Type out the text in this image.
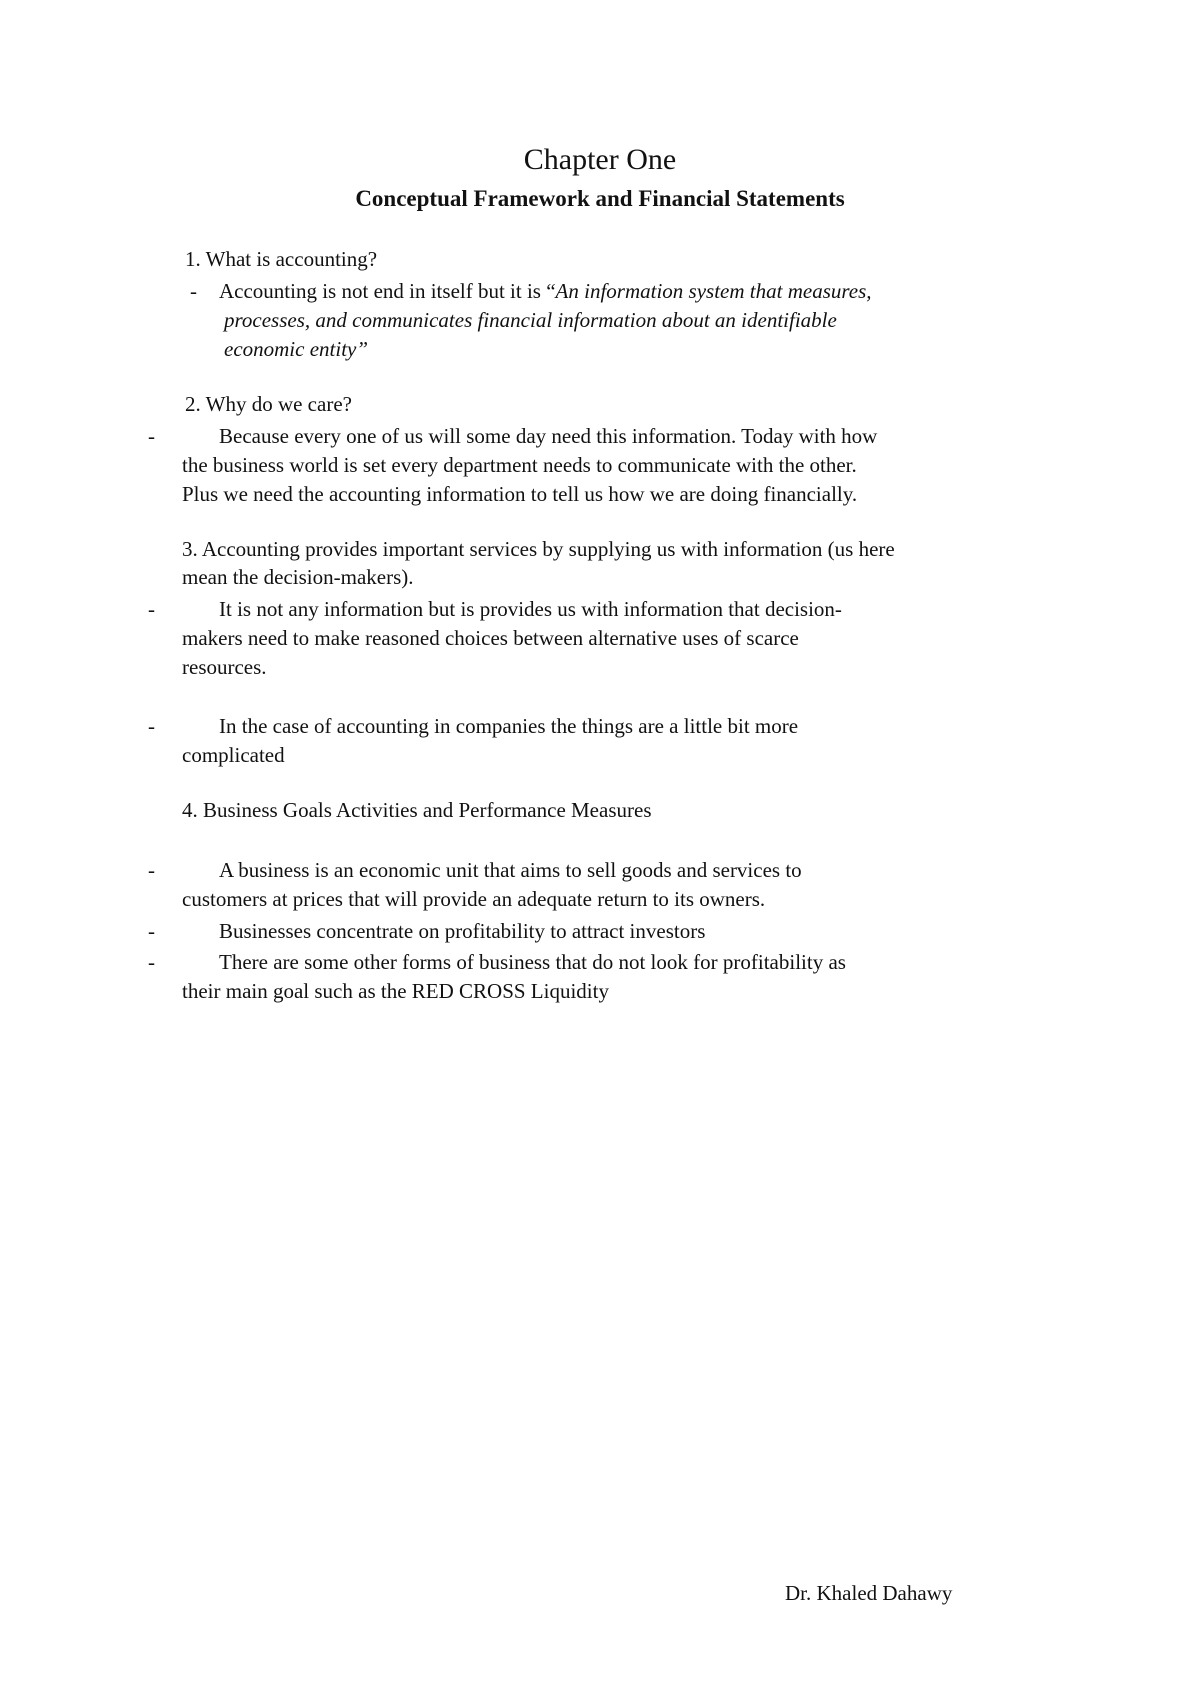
Chapter One
Conceptual Framework and Financial Statements

1. What is accounting?

- Accounting is not end in itself but it is “An information system that measures,

processes, and communicates financial information about an identifiable

economic entity”

2. Why do we care?

-	Because every one of us will some day need this information. Today with how

the business world is set every department needs to communicate with the other.

Plus we need the accounting information to tell us how we are doing financially.

3. Accounting provides important services by supplying us with information (us here

mean the decision-makers).

-	It is not any information but is provides us with information that decision-

makers need to make reasoned choices between alternative uses of scarce

resources.

-	In the case of accounting in companies the things are a little bit more

complicated

4. Business Goals Activities and Performance Measures

-	A business is an economic unit that aims to sell goods and services to

customers at prices that will provide an adequate return to its owners.

-	Businesses concentrate on profitability to attract investors

-	There are some other forms of business that do not look for profitability as

their main goal such as the RED CROSS Liquidity

Dr. Khaled Dahawy
